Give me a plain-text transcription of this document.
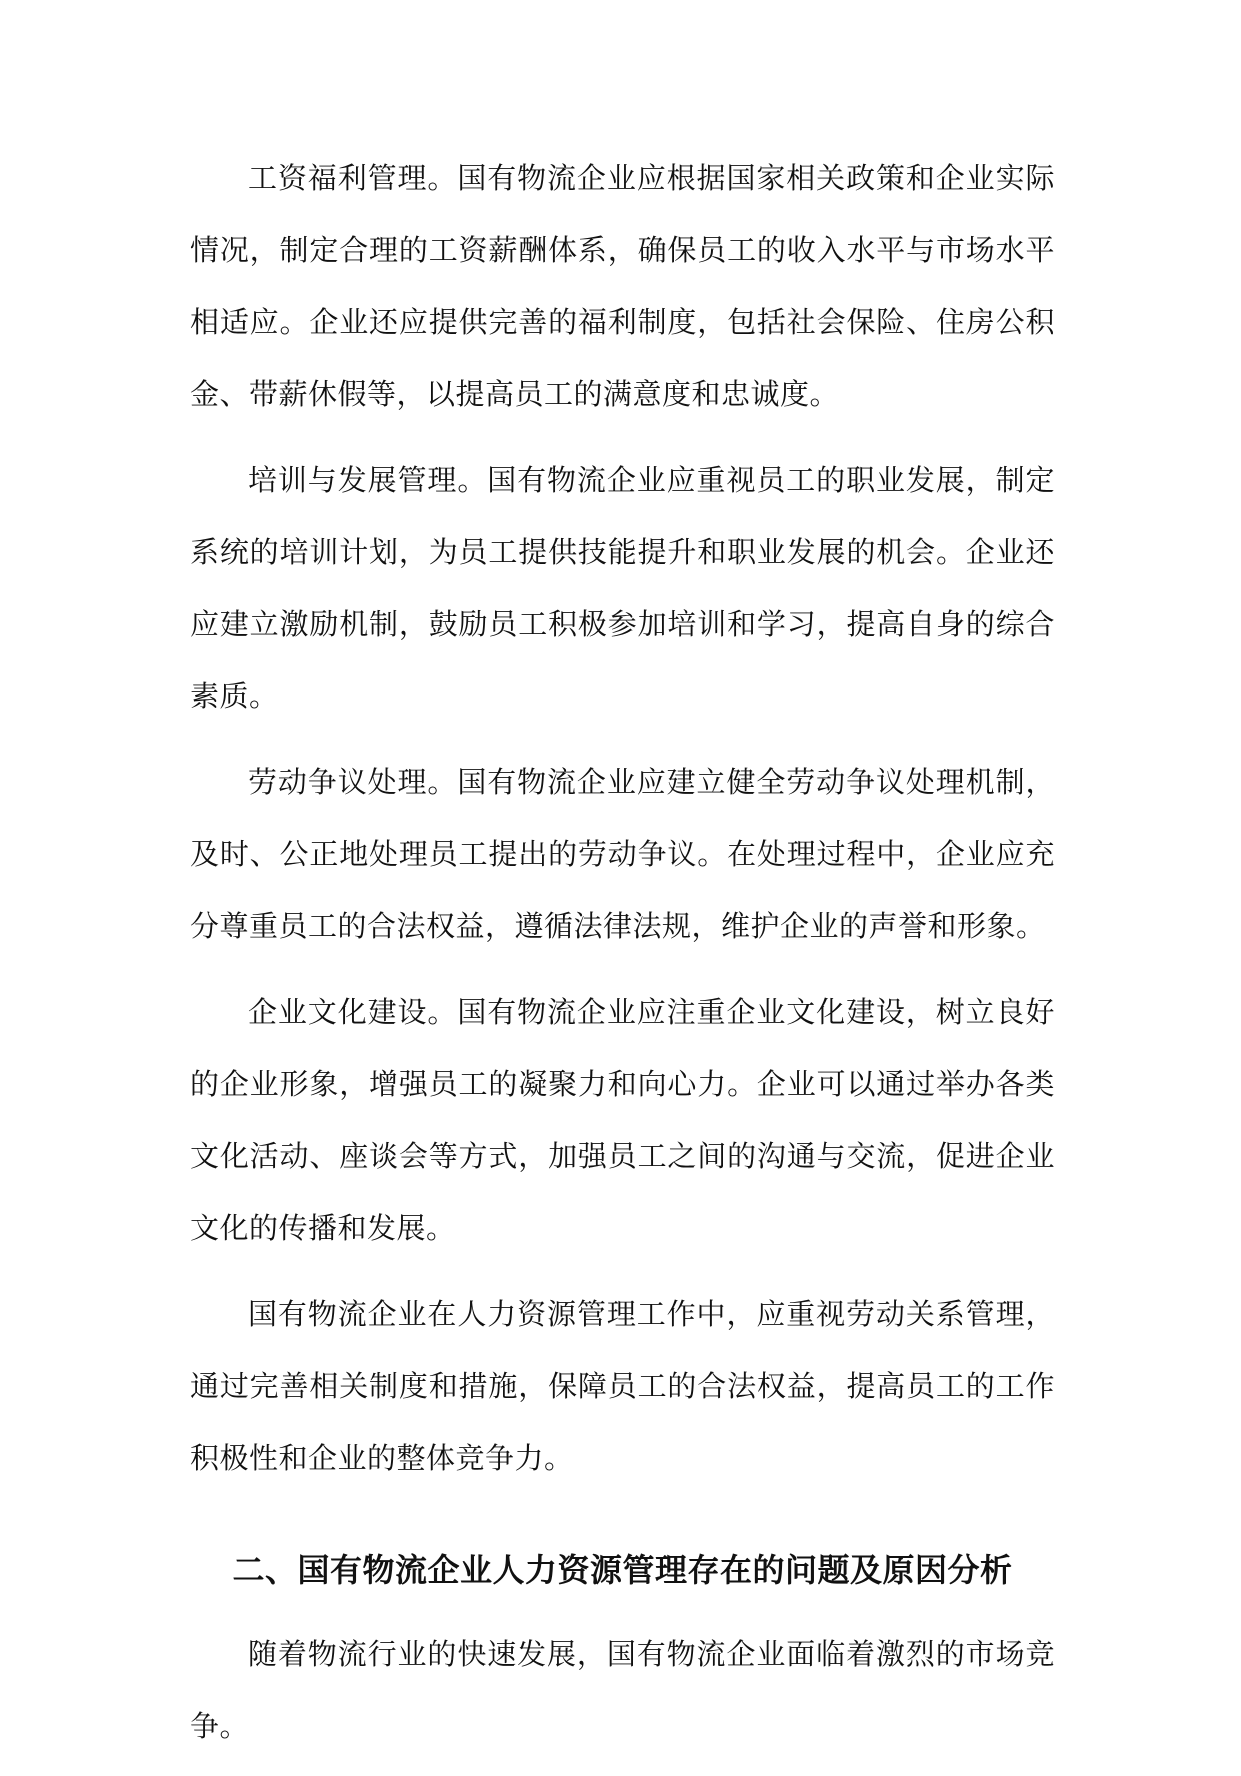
工资福利管理。国有物流企业应根据国家相关政策和企业实际情况，制定合理的工资薪酬体系，确保员工的收入水平与市场水平相适应。企业还应提供完善的福利制度，包括社会保险、住房公积金、带薪休假等，以提高员工的满意度和忠诚度。

培训与发展管理。国有物流企业应重视员工的职业发展，制定系统的培训计划，为员工提供技能提升和职业发展的机会。企业还应建立激励机制，鼓励员工积极参加培训和学习，提高自身的综合素质。

劳动争议处理。国有物流企业应建立健全劳动争议处理机制，及时、公正地处理员工提出的劳动争议。在处理过程中，企业应充分尊重员工的合法权益，遵循法律法规，维护企业的声誉和形象。

企业文化建设。国有物流企业应注重企业文化建设，树立良好的企业形象，增强员工的凝聚力和向心力。企业可以通过举办各类文化活动、座谈会等方式，加强员工之间的沟通与交流，促进企业文化的传播和发展。

国有物流企业在人力资源管理工作中，应重视劳动关系管理，通过完善相关制度和措施，保障员工的合法权益，提高员工的工作积极性和企业的整体竞争力。

二、国有物流企业人力资源管理存在的问题及原因分析

随着物流行业的快速发展，国有物流企业面临着激烈的市场竞争。
